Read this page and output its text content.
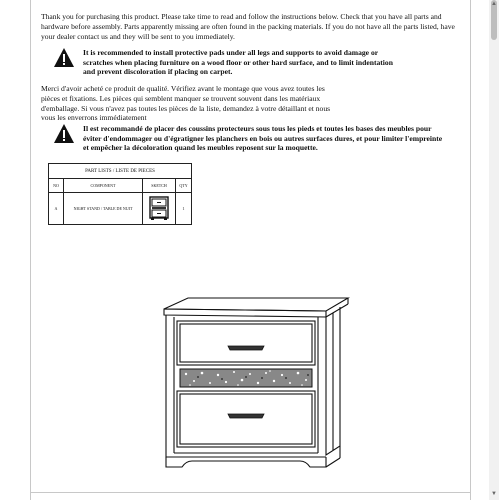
Thank you for purchasing this product. Please take time to read and follow the instructions below. Check that you have all parts and hardware before assembly. Parts apparently missing are often found in the packing materials. If you do not have all the parts listed, have your dealer contact us and they will be sent to you immediately.
It is recommended to install protective pads under all legs and supports to avoid damage or scratches when placing furniture on a wood floor or other hard surface, and to limit indentation and prevent discoloration if placing on carpet.
Merci d'avoir acheté ce produit de qualité. Vérifiez avant le montage que vous avez toutes les pièces et fixations. Les pièces qui semblent manquer se trouvent souvent dans les matériaux d'emballage. Si vous n'avez pas toutes les pièces de la liste, demandez à votre détaillant et nous vous les enverrons immédiatement
Il est recommandé de placer des coussins protecteurs sous tous les pieds et toutes les bases des meubles pour éviter d'endommager ou d'égratigner les planchers en bois ou autres surfaces dures, et pour limiter l'empreinte et empêcher la décoloration quand les meubles reposent sur la moquette.
PART LISTS / LISTE DE PIECES			
NO	COMPONENT	SKETCH	QTY
A	NIGHT STAND / TABLE DE NUIT		1
▲
▼
